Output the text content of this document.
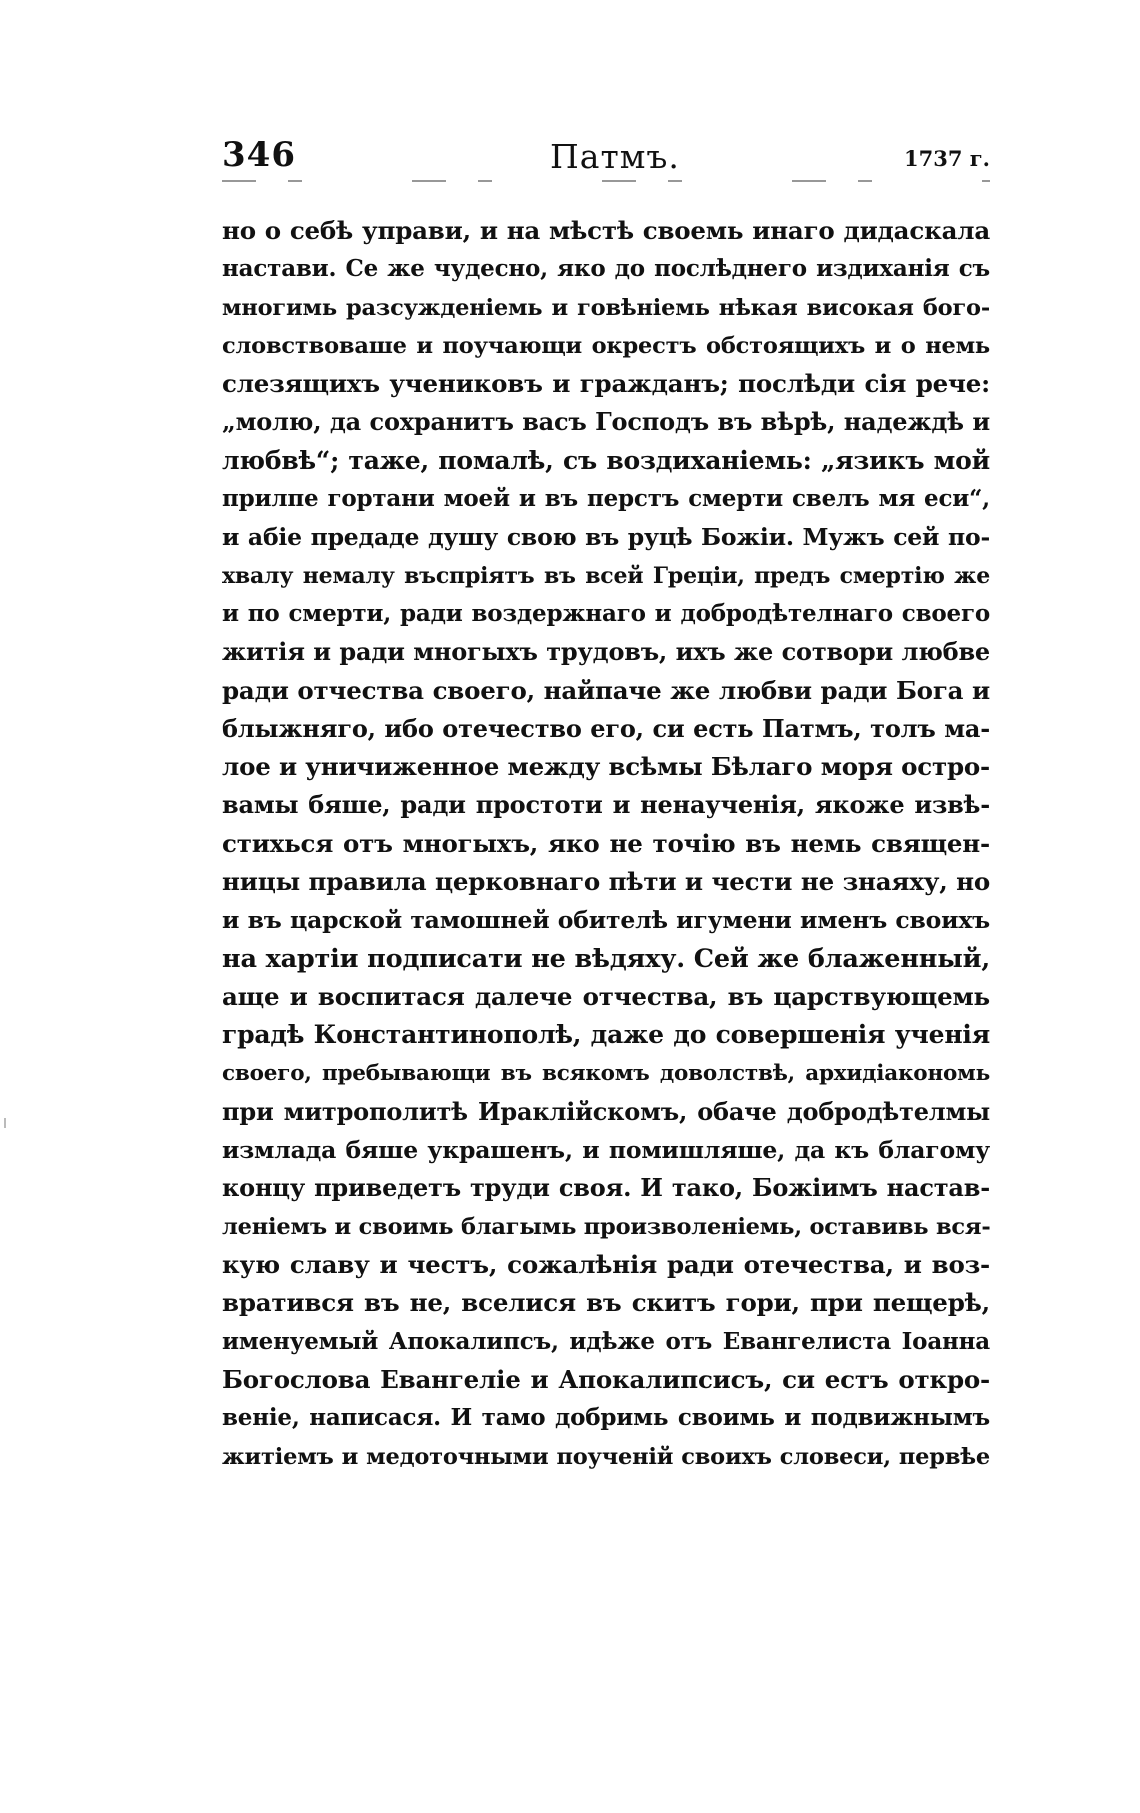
346	Патмъ.	1737 г.
но о себѣ управи, и на мѣстѣ своемь инаго дидаскала
настави. Се же чудесно, яко до послѣднего издиханія съ
многимь разсужденіемь и говѣніемь нѣкая високая бого-
словствоваше и поучающи окрестъ обстоящихъ и о немь
слезящихъ учениковъ и гражданъ; послѣди сія рече:
„молю, да сохранитъ васъ Господъ въ вѣрѣ, надеждѣ и
любвѣ“; таже, помалѣ, съ воздиханіемь: „язикъ мой
прилпе гортани моей и въ перстъ смерти свелъ мя еси“,
и абіе предаде душу свою въ руцѣ Божіи. Мужъ сей по-
хвалу немалу въспріятъ въ всей Греціи, предъ смертію же
и по смерти, ради воздержнаго и добродѣтелнаго своего
житія и ради многыхъ трудовъ, ихъ же сотвори любве
ради отчества своего, найпаче же любви ради Бога и
блыжняго, ибо отечество его, си есть Патмъ, толъ ма-
лое и уничиженное между всѣмы Бѣлаго моря остро-
вамы бяше, ради простоти и ненаученія, якоже извѣ-
стихься отъ многыхъ, яко не точію въ немь священ-
ницы правила церковнаго пѣти и чести не знаяху, но
и въ царской тамошней обителѣ игумени именъ своихъ
на хартіи подписати не вѣдяху. Сей же блаженный,
аще и воспитася далече отчества, въ царствующемь
градѣ Константинополѣ, даже до совершенія ученія
своего, пребывающи въ всякомъ доволствѣ, архидіакономь
при митрополитѣ Ираклійскомъ, обаче добродѣтелмы
измлада бяше украшенъ, и помишляше, да къ благому
концу приведетъ труди своя. И тако, Божіимъ настав-
леніемъ и своимь благымь произволеніемь, оставивь вся-
кую славу и честъ, сожалѣнія ради отечества, и воз-
вратився въ не, вселися въ скитъ гори, при пещерѣ,
именуемый Апокалипсъ, идѣже отъ Евангелиста Іоанна
Богослова Евангеліе и Апокалипсисъ, си естъ откро-
веніе, написася. И тамо добримь своимь и подвижнымъ
житіемъ и медоточными поученій своихъ словеси, первѣе
